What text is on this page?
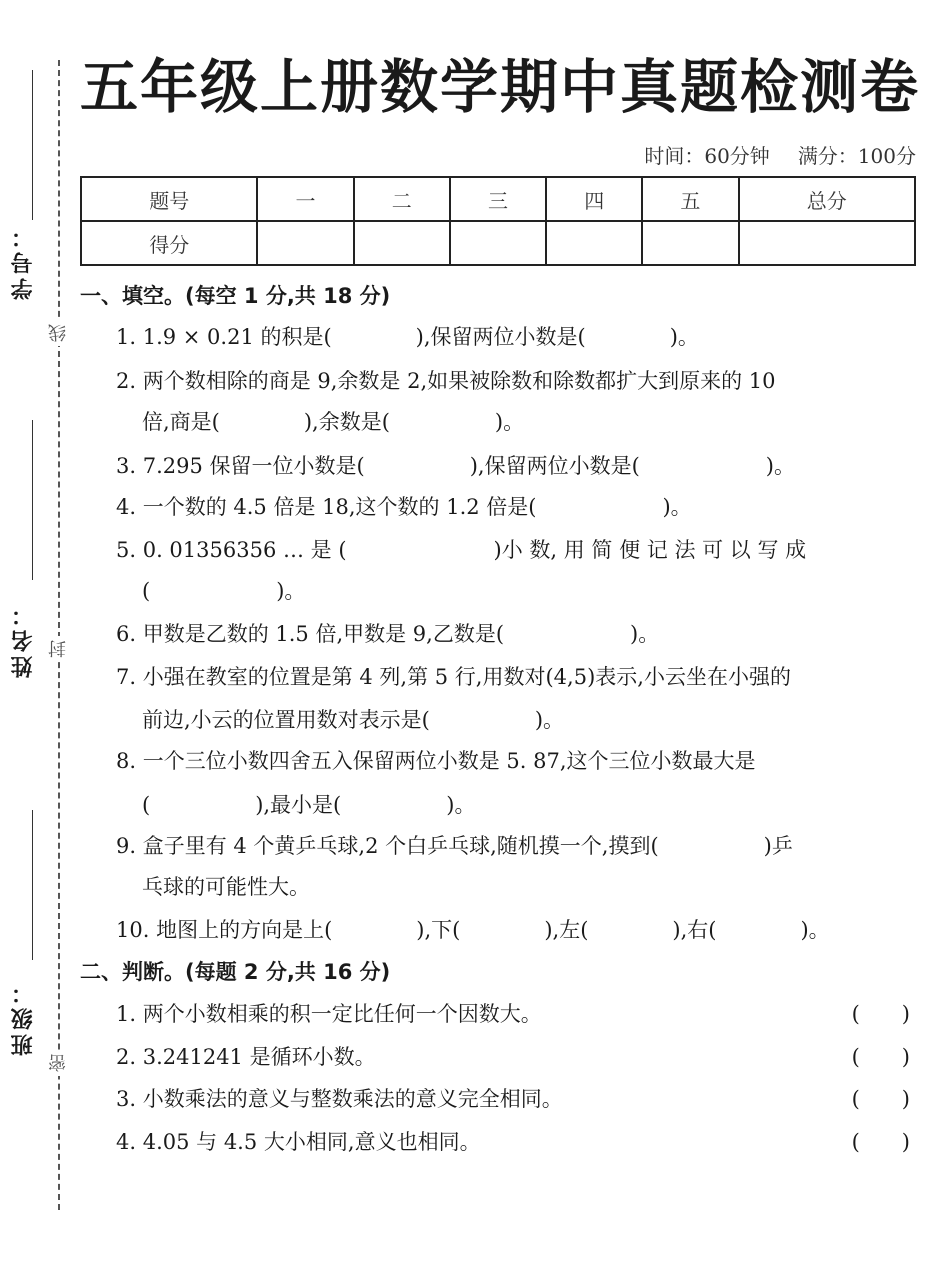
学号：
线
姓名： 封
班级：
密
五年级上册数学期中真题检测卷
时间：60分钟 满分：100分
题号	一	二	三	四	五	总分
得分						
一、填空。(每空 1 分,共 18 分)
1. 1.9 × 0.21 的积是(　　　　),保留两位小数是(　　　　)。
2. 两个数相除的商是 9,余数是 2,如果被除数和除数都扩大到原来的 10
倍,商是(　　　　),余数是(　　　　　)。
3. 7.295 保留一位小数是(　　　　　),保留两位小数是(　　　　　　)。
4. 一个数的 4.5 倍是 18,这个数的 1.2 倍是(　　　　　　)。
5. 0. 01356356 … 是 (　　　　　　　)小 数, 用 简 便 记 法 可 以 写 成
(　　　　　　)。
6. 甲数是乙数的 1.5 倍,甲数是 9,乙数是(　　　　　　)。
7. 小强在教室的位置是第 4 列,第 5 行,用数对(4,5)表示,小云坐在小强的
前边,小云的位置用数对表示是(　　　　　)。
8. 一个三位小数四舍五入保留两位小数是 5. 87,这个三位小数最大是
(　　　　　),最小是(　　　　　)。
9. 盒子里有 4 个黄乒乓球,2 个白乒乓球,随机摸一个,摸到(　　　　　)乒
乓球的可能性大。
10. 地图上的方向是上(　　　　),下(　　　　),左(　　　　),右(　　　　)。
二、判断。(每题 2 分,共 16 分)
1. 两个小数相乘的积一定比任何一个因数大。	(　　)
2. 3.241241 是循环小数。	(　　)
3. 小数乘法的意义与整数乘法的意义完全相同。	(　　)
4. 4.05 与 4.5 大小相同,意义也相同。	(　　)
